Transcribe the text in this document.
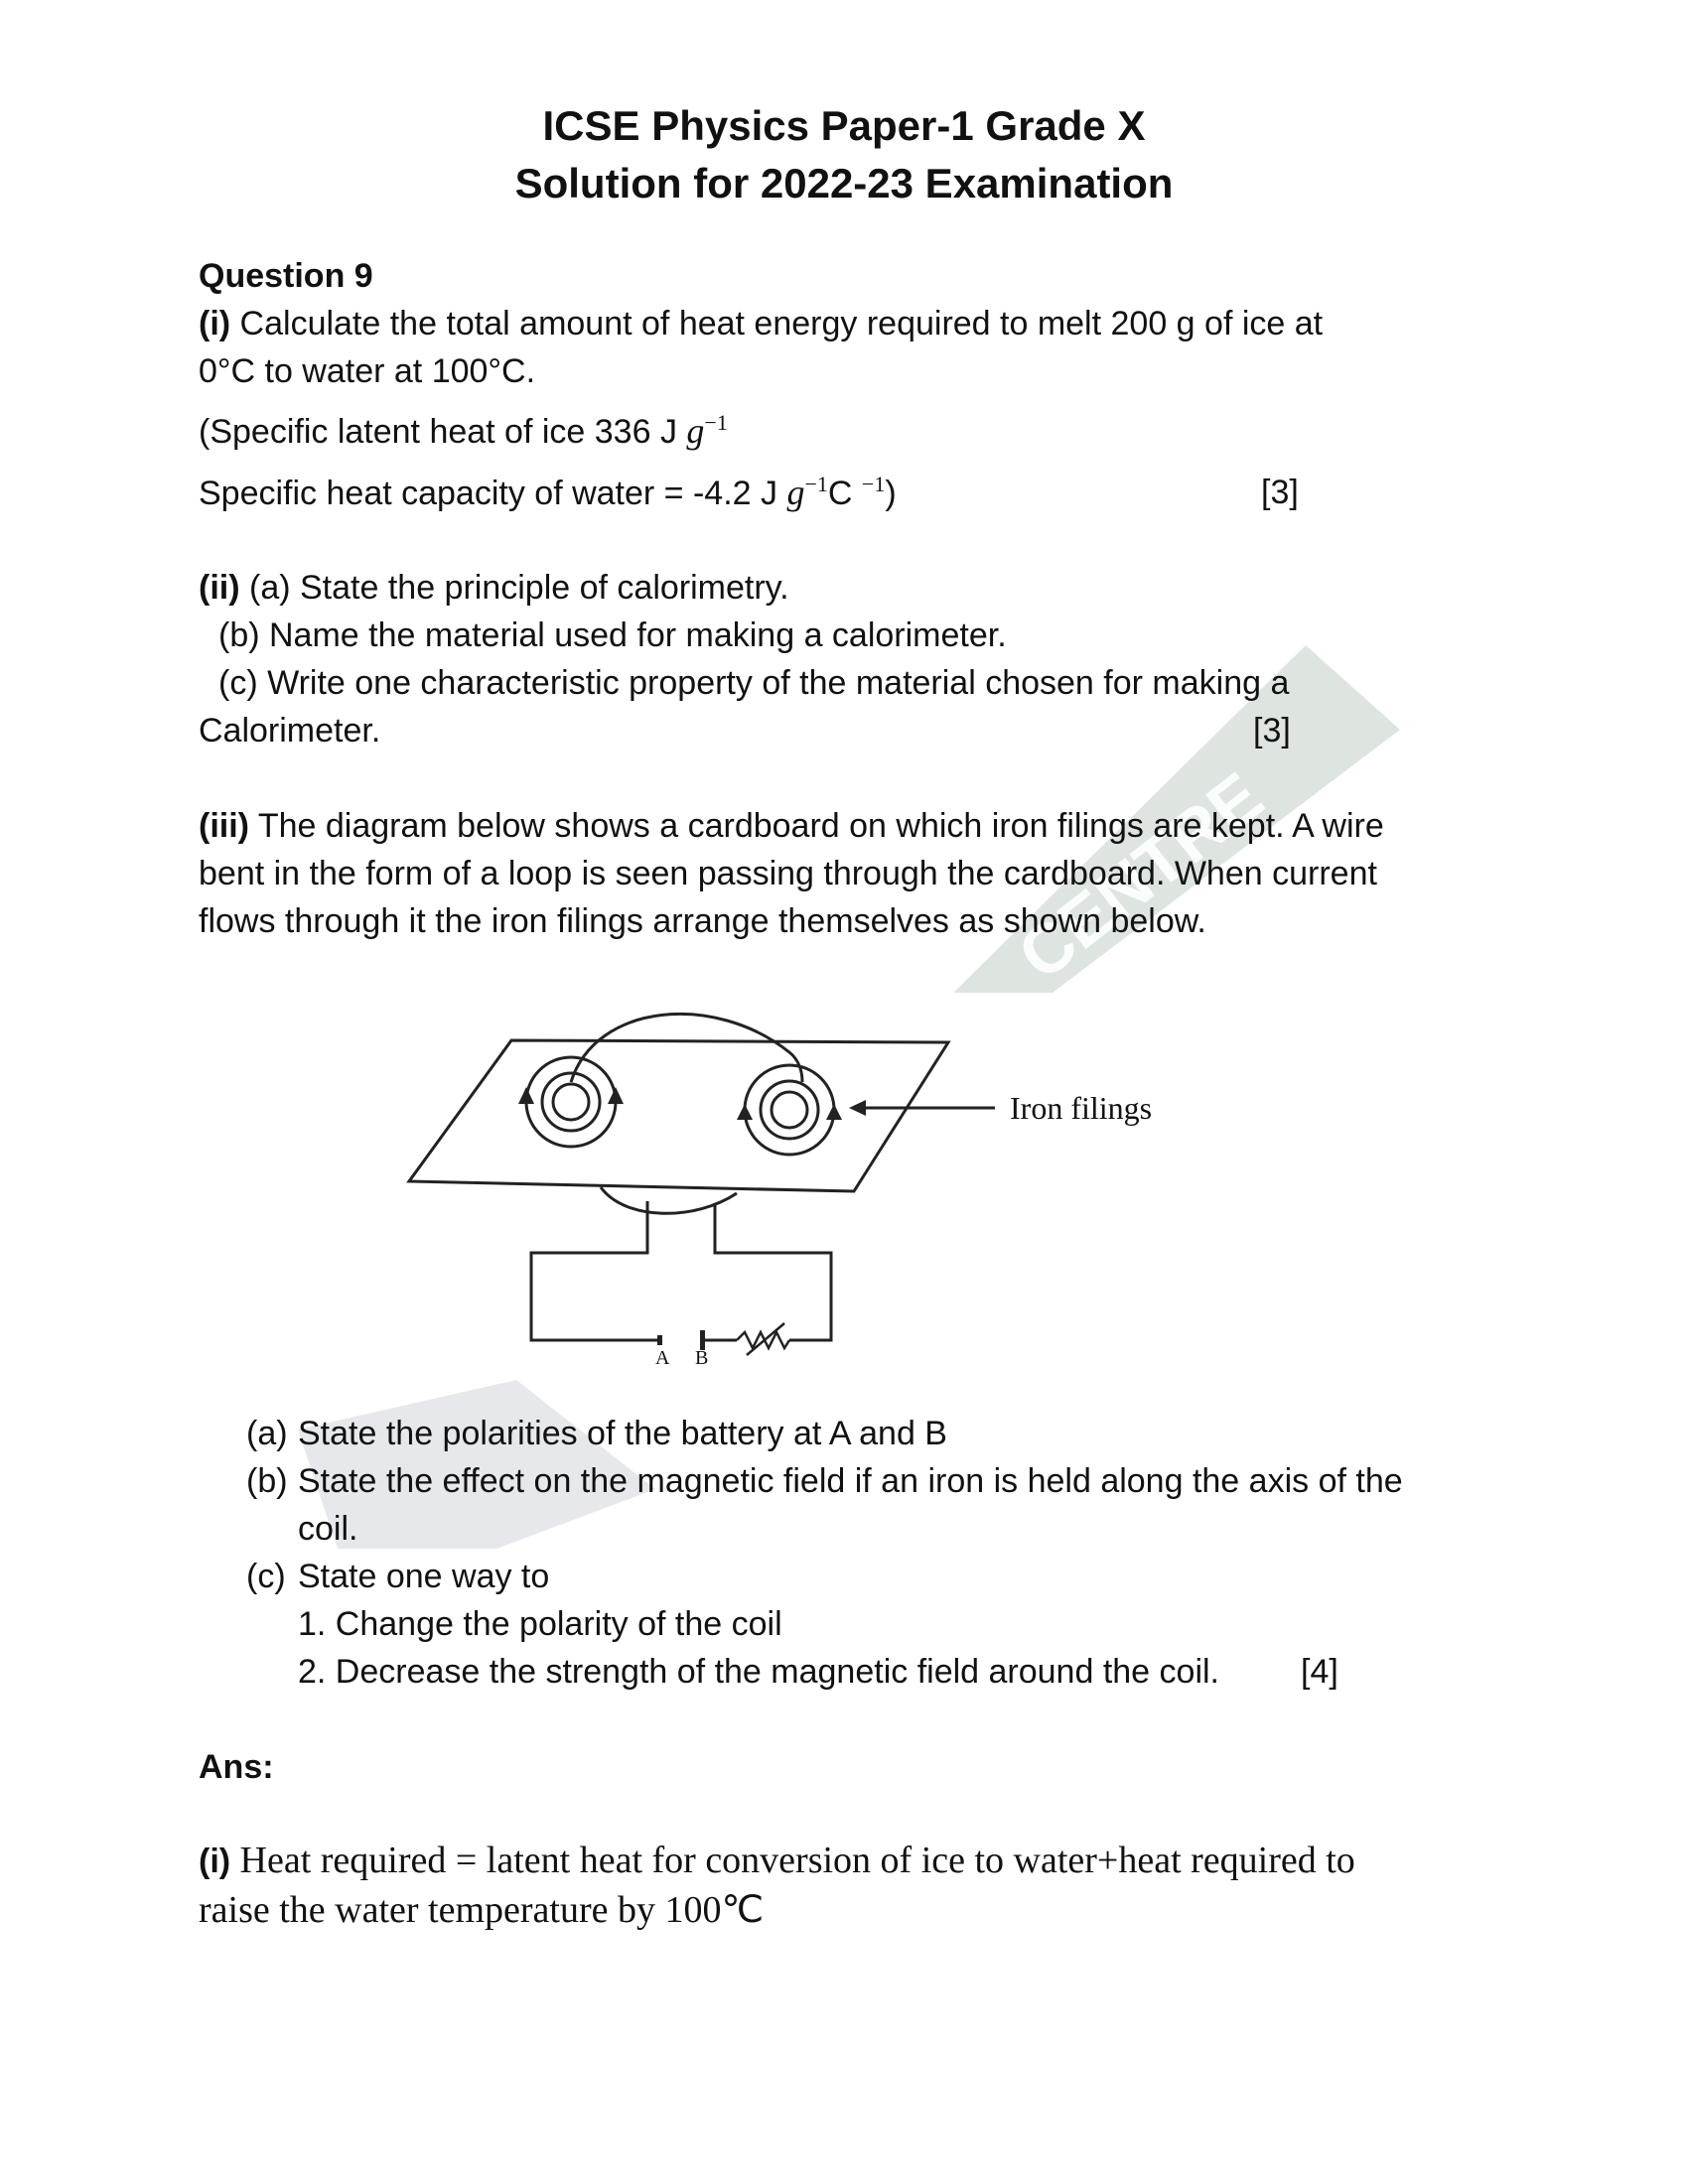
CENTRE
ICSE Physics Paper-1 Grade X
Solution for 2022-23 Examination
Question 9
(i) Calculate the total amount of heat energy required to melt 200 g of ice at
0°C to water at 100°C.
(Specific latent heat of ice 336 J $g^{-1}$
Specific heat capacity of water = -4.2 J $g^{-1}C$ $^{-1}$)	[3]
(ii) (a) State the principle of calorimetry.
(b) Name the material used for making a calorimeter.
(c) Write one characteristic property of the material chosen for making a
Calorimeter.	[3]
(iii) The diagram below shows a cardboard on which iron filings are kept. A wire
bent in the form of a loop is seen passing through the cardboard. When current
flows through it the iron filings arrange themselves as shown below.
Iron filings
A B
(a) State the polarities of the battery at A and B
(b) State the effect on the magnetic field if an iron is held along the axis of the
coil.
(c) State one way to
1. Change the polarity of the coil
2. Decrease the strength of the magnetic field around the coil. [4]
Ans:
(i) Heat required = latent heat for conversion of ice to water+heat required to
raise the water temperature by 100℃
